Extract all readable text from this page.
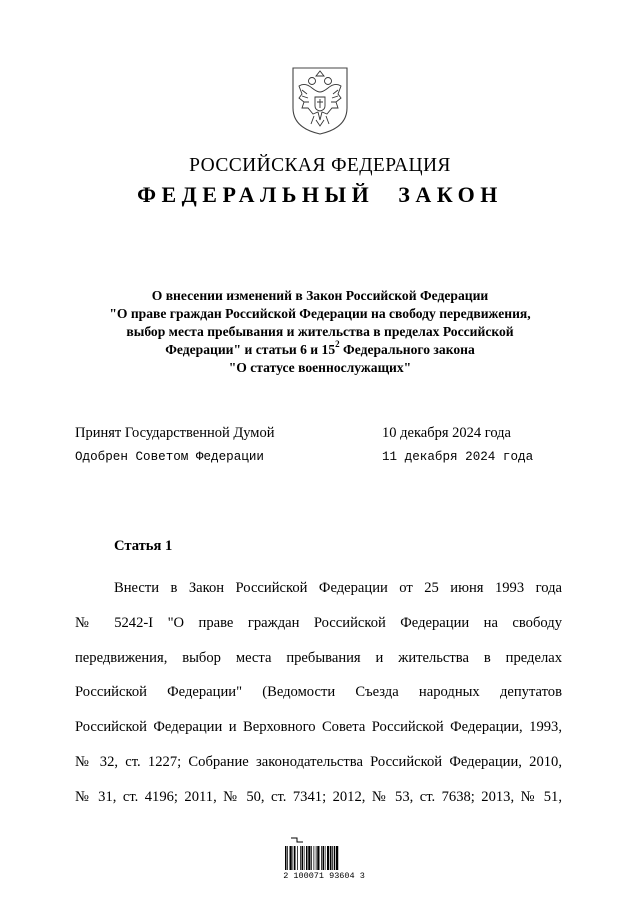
РОССИЙСКАЯ ФЕДЕРАЦИЯ
ФЕДЕРАЛЬНЫЙ ЗАКОН
О внесении изменений в Закон Российской Федерации
"О праве граждан Российской Федерации на свободу передвижения,
выбор места пребывания и жительства в пределах Российской
Федерации" и статьи 6 и $15^2$ Федерального закона
"О статусе военнослужащих"
Принят Государственной Думой	10 декабря 2024 года
Одобрен Советом Федерации	11 декабря 2024 года
Статья 1
Внести в Закон Российской Федерации от 25 июня 1993 года
№ 5242-I "О праве граждан Российской Федерации на свободу
передвижения, выбор места пребывания и жительства в пределах
Российской Федерации" (Ведомости Съезда народных депутатов
Российской Федерации и Верховного Совета Российской Федерации, 1993,
№ 32, ст. 1227; Собрание законодательства Российской Федерации, 2010,
№ 31, ст. 4196; 2011, № 50, ст. 7341; 2012, № 53, ст. 7638; 2013, № 51,
2 100071 93604 3
